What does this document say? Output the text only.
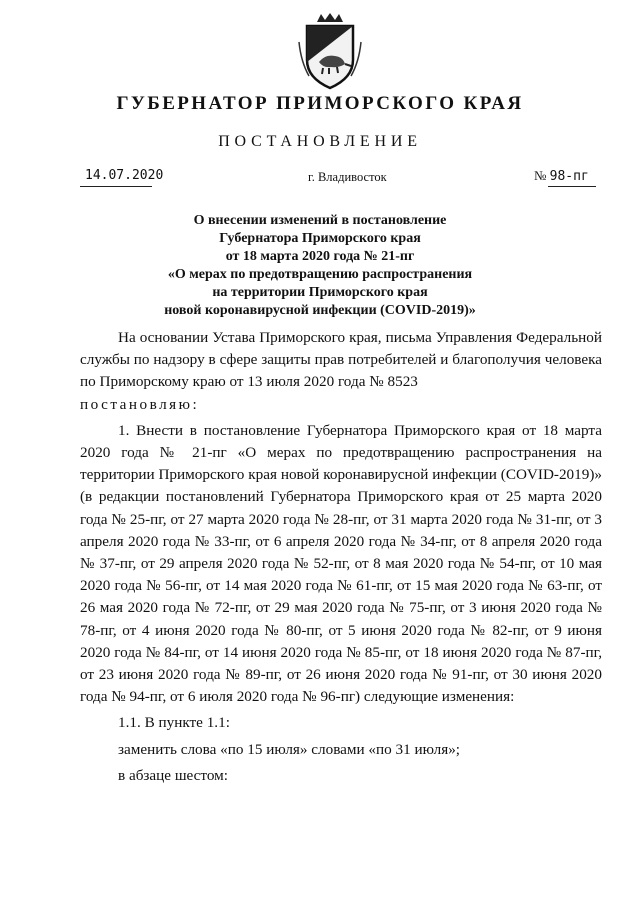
ГУБЕРНАТОР ПРИМОРСКОГО КРАЯ
ПОСТАНОВЛЕНИЕ
14.07.2020	г. Владивосток	№ 98-пг
О внесении изменений в постановление
Губернатора Приморского края
от 18 марта 2020 года № 21-пг
«О мерах по предотвращению распространения
на территории Приморского края
новой коронавирусной инфекции (COVID-2019)»

На основании Устава Приморского края, письма Управления Федеральной службы по надзору в сфере защиты прав потребителей и благополучия человека по Приморскому краю от 13 июля 2020 года № 8523

постановляю:

1. Внести в постановление Губернатора Приморского края от 18 марта 2020 года № 21-пг «О мерах по предотвращению распространения на территории Приморского края новой коронавирусной инфекции (COVID-2019)» (в редакции постановлений Губернатора Приморского края от 25 марта 2020 года № 25-пг, от 27 марта 2020 года № 28-пг, от 31 марта 2020 года № 31-пг, от 3 апреля 2020 года № 33-пг, от 6 апреля 2020 года № 34-пг, от 8 апреля 2020 года № 37-пг, от 29 апреля 2020 года № 52-пг, от 8 мая 2020 года № 54-пг, от 10 мая 2020 года № 56-пг, от 14 мая 2020 года № 61-пг, от 15 мая 2020 года № 63-пг, от 26 мая 2020 года № 72-пг, от 29 мая 2020 года № 75-пг, от 3 июня 2020 года № 78-пг, от 4 июня 2020 года № 80-пг, от 5 июня 2020 года № 82-пг, от 9 июня 2020 года № 84-пг, от 14 июня 2020 года № 85-пг, от 18 июня 2020 года № 87-пг, от 23 июня 2020 года № 89-пг, от 26 июня 2020 года № 91-пг, от 30 июня 2020 года № 94-пг, от 6 июля 2020 года № 96-пг) следующие изменения:

1.1. В пункте 1.1:

заменить слова «по 15 июля» словами «по 31 июля»;

в абзаце шестом:
